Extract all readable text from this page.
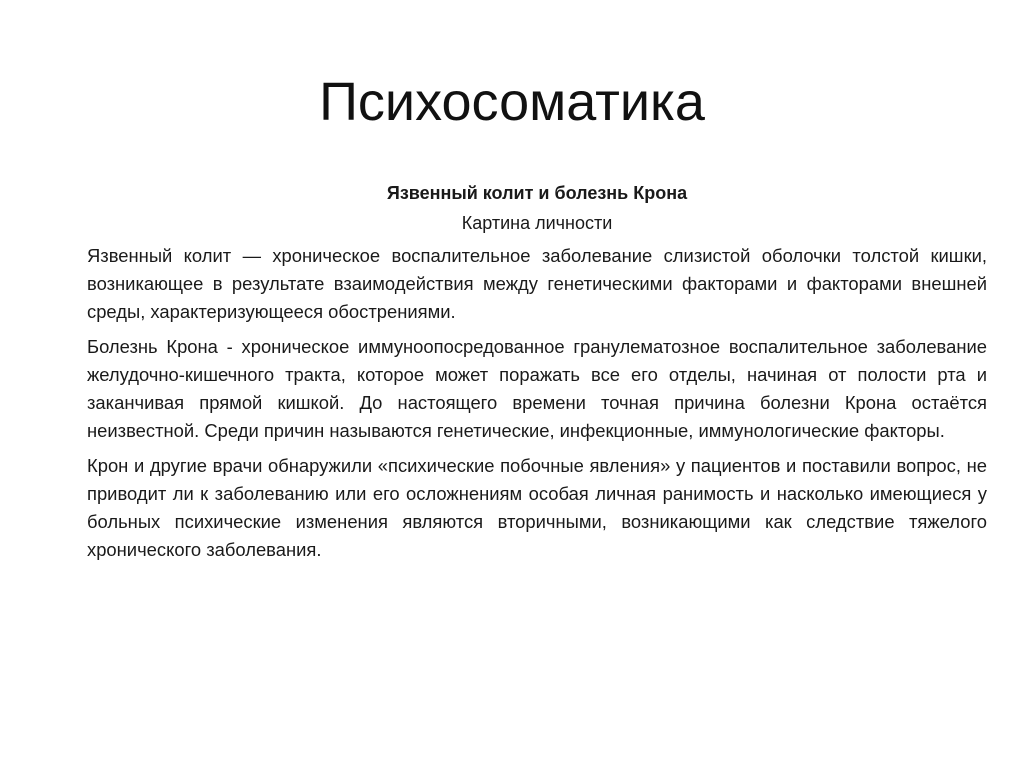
Психосоматика

Язвенный колит и болезнь Крона

Картина личности

Язвенный колит — хроническое воспалительное заболевание слизистой оболочки толстой кишки, возникающее в результате взаимодействия между генетическими факторами и факторами внешней среды, характеризующееся обострениями.

Болезнь Крона - хроническое иммуноопосредованное гранулематозное воспалительное заболевание желудочно-кишечного тракта, которое может поражать все его отделы, начиная от полости рта и заканчивая прямой кишкой. До настоящего времени точная причина болезни Крона остаётся неизвестной. Среди причин называются генетические, инфекционные, иммунологические факторы.

Крон и другие врачи обнаружили «психические побочные явления» у пациентов и поставили вопрос, не приводит ли к заболеванию или его осложнениям особая личная ранимость и насколько имеющиеся у больных психические изменения являются вторичными, возникающими как следствие тяжелого хронического заболевания.
